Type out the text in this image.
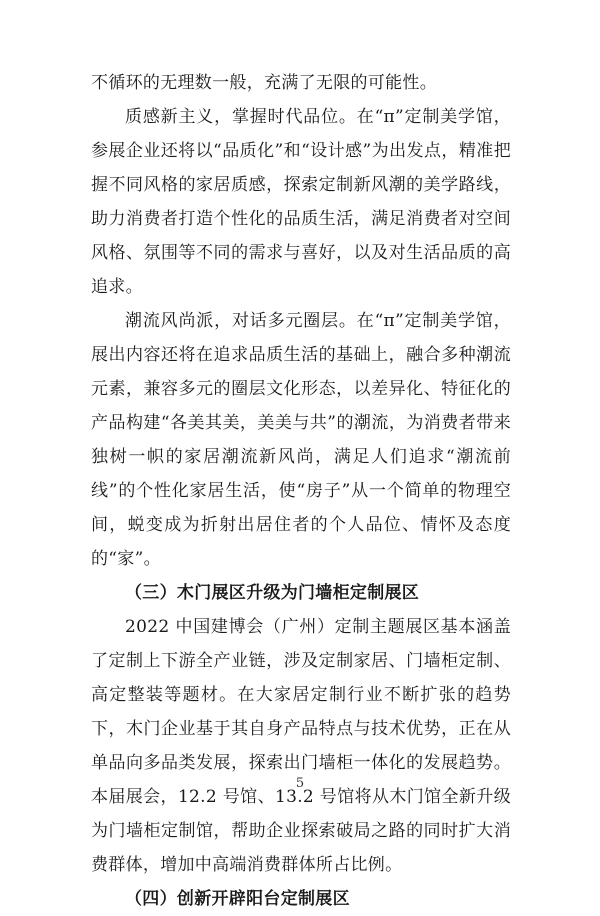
不循环的无理数一般，充满了无限的可能性。

质感新主义，掌握时代品位。在“π”定制美学馆，参展企业还将以“品质化”和“设计感”为出发点，精准把握不同风格的家居质感，探索定制新风潮的美学路线，助力消费者打造个性化的品质生活，满足消费者对空间风格、氛围等不同的需求与喜好，以及对生活品质的高追求。

潮流风尚派，对话多元圈层。在“π”定制美学馆，展出内容还将在追求品质生活的基础上，融合多种潮流元素，兼容多元的圈层文化形态，以差异化、特征化的产品构建“各美其美，美美与共”的潮流，为消费者带来独树一帜的家居潮流新风尚，满足人们追求“潮流前线”的个性化家居生活，使“房子”从一个简单的物理空间，蜕变成为折射出居住者的个人品位、情怀及态度的“家”。

（三）木门展区升级为门墙柜定制展区

2022 中国建博会（广州）定制主题展区基本涵盖了定制上下游全产业链，涉及定制家居、门墙柜定制、高定整装等题材。在大家居定制行业不断扩张的趋势下，木门企业基于其自身产品特点与技术优势，正在从单品向多品类发展，探索出门墙柜一体化的发展趋势。本届展会，12.2 号馆、13.2 号馆将从木门馆全新升级为门墙柜定制馆，帮助企业探索破局之路的同时扩大消费群体，增加中高端消费群体所占比例。

（四）创新开辟阳台定制展区

5
